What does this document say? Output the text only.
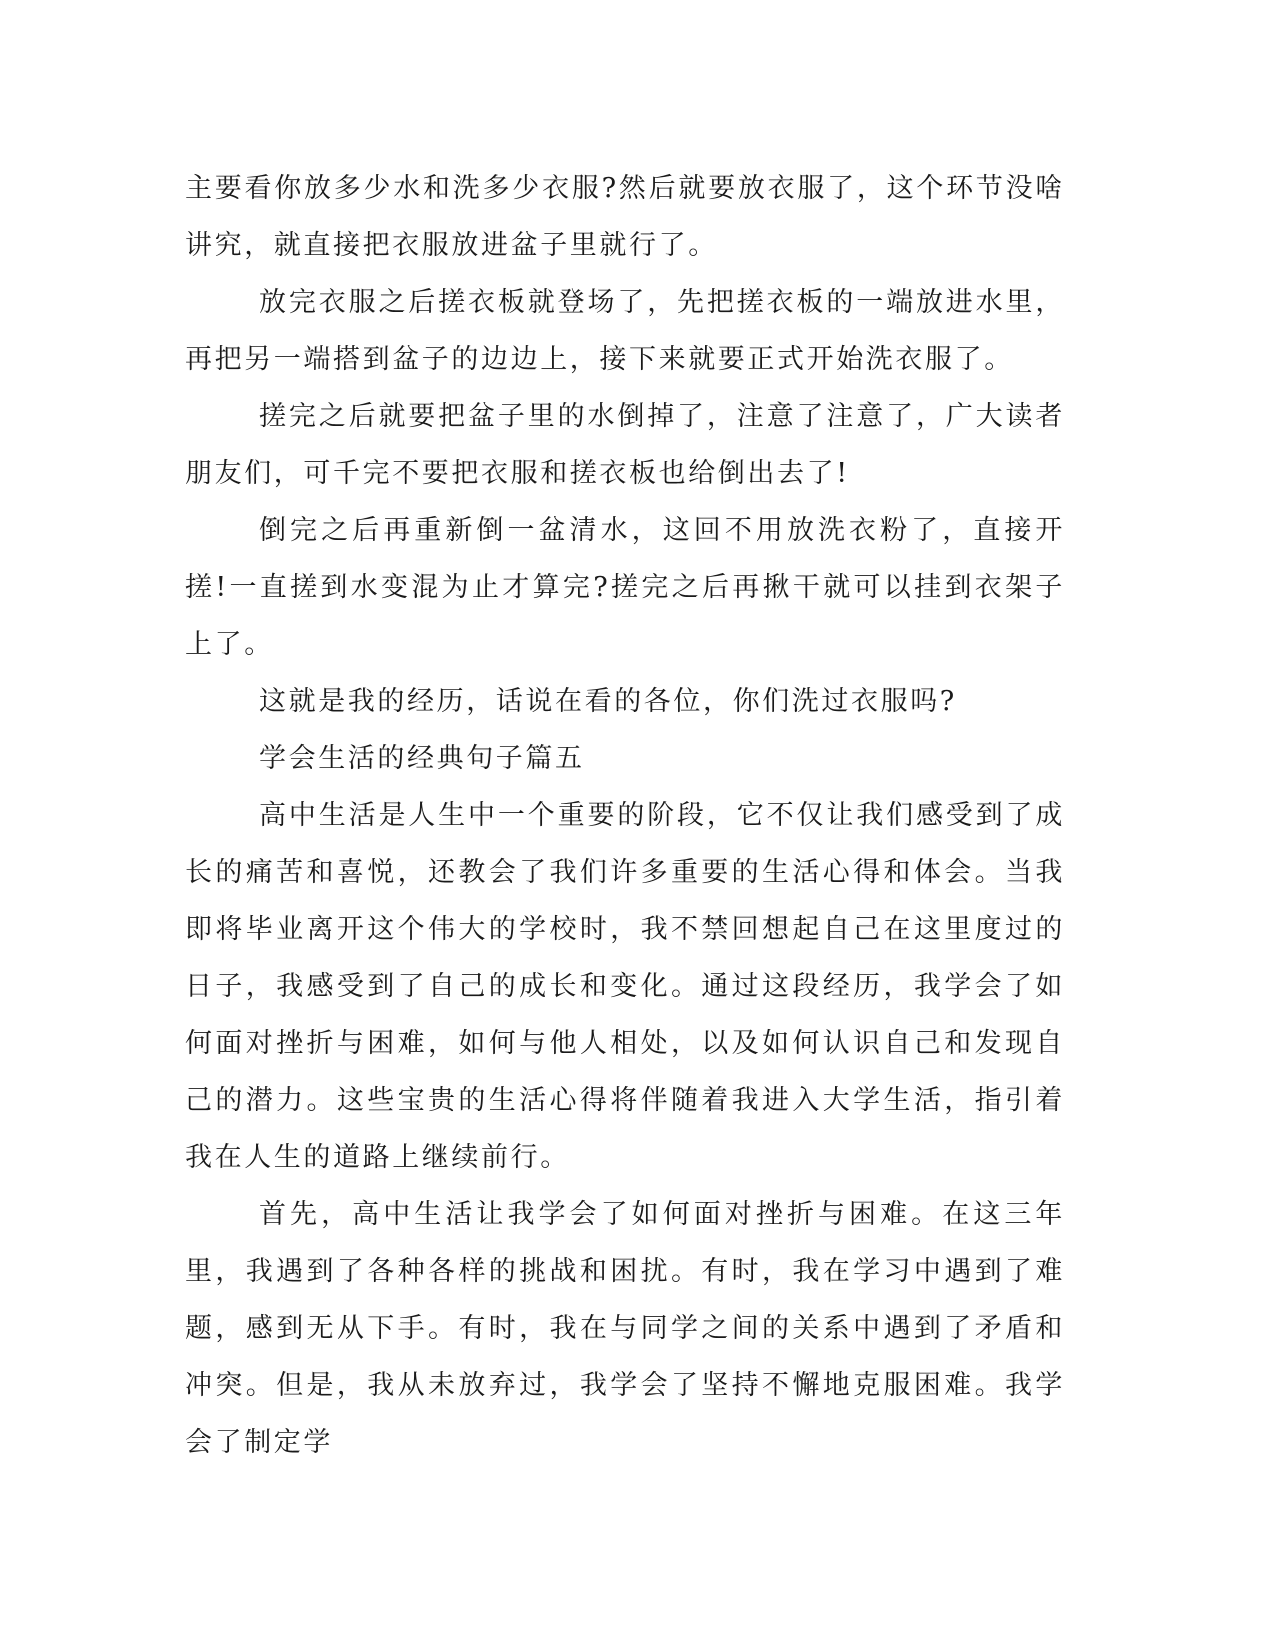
主要看你放多少水和洗多少衣服?然后就要放衣服了，这个环节没啥讲究，就直接把衣服放进盆子里就行了。

放完衣服之后搓衣板就登场了，先把搓衣板的一端放进水里，再把另一端搭到盆子的边边上，接下来就要正式开始洗衣服了。

搓完之后就要把盆子里的水倒掉了，注意了注意了，广大读者朋友们，可千完不要把衣服和搓衣板也给倒出去了!

倒完之后再重新倒一盆清水，这回不用放洗衣粉了，直接开搓!一直搓到水变混为止才算完?搓完之后再揪干就可以挂到衣架子上了。

这就是我的经历，话说在看的各位，你们洗过衣服吗?

学会生活的经典句子篇五

高中生活是人生中一个重要的阶段，它不仅让我们感受到了成长的痛苦和喜悦，还教会了我们许多重要的生活心得和体会。当我即将毕业离开这个伟大的学校时，我不禁回想起自己在这里度过的日子，我感受到了自己的成长和变化。通过这段经历，我学会了如何面对挫折与困难，如何与他人相处，以及如何认识自己和发现自己的潜力。这些宝贵的生活心得将伴随着我进入大学生活，指引着我在人生的道路上继续前行。

首先，高中生活让我学会了如何面对挫折与困难。在这三年里，我遇到了各种各样的挑战和困扰。有时，我在学习中遇到了难题，感到无从下手。有时，我在与同学之间的关系中遇到了矛盾和冲突。但是，我从未放弃过，我学会了坚持不懈地克服困难。我学会了制定学
